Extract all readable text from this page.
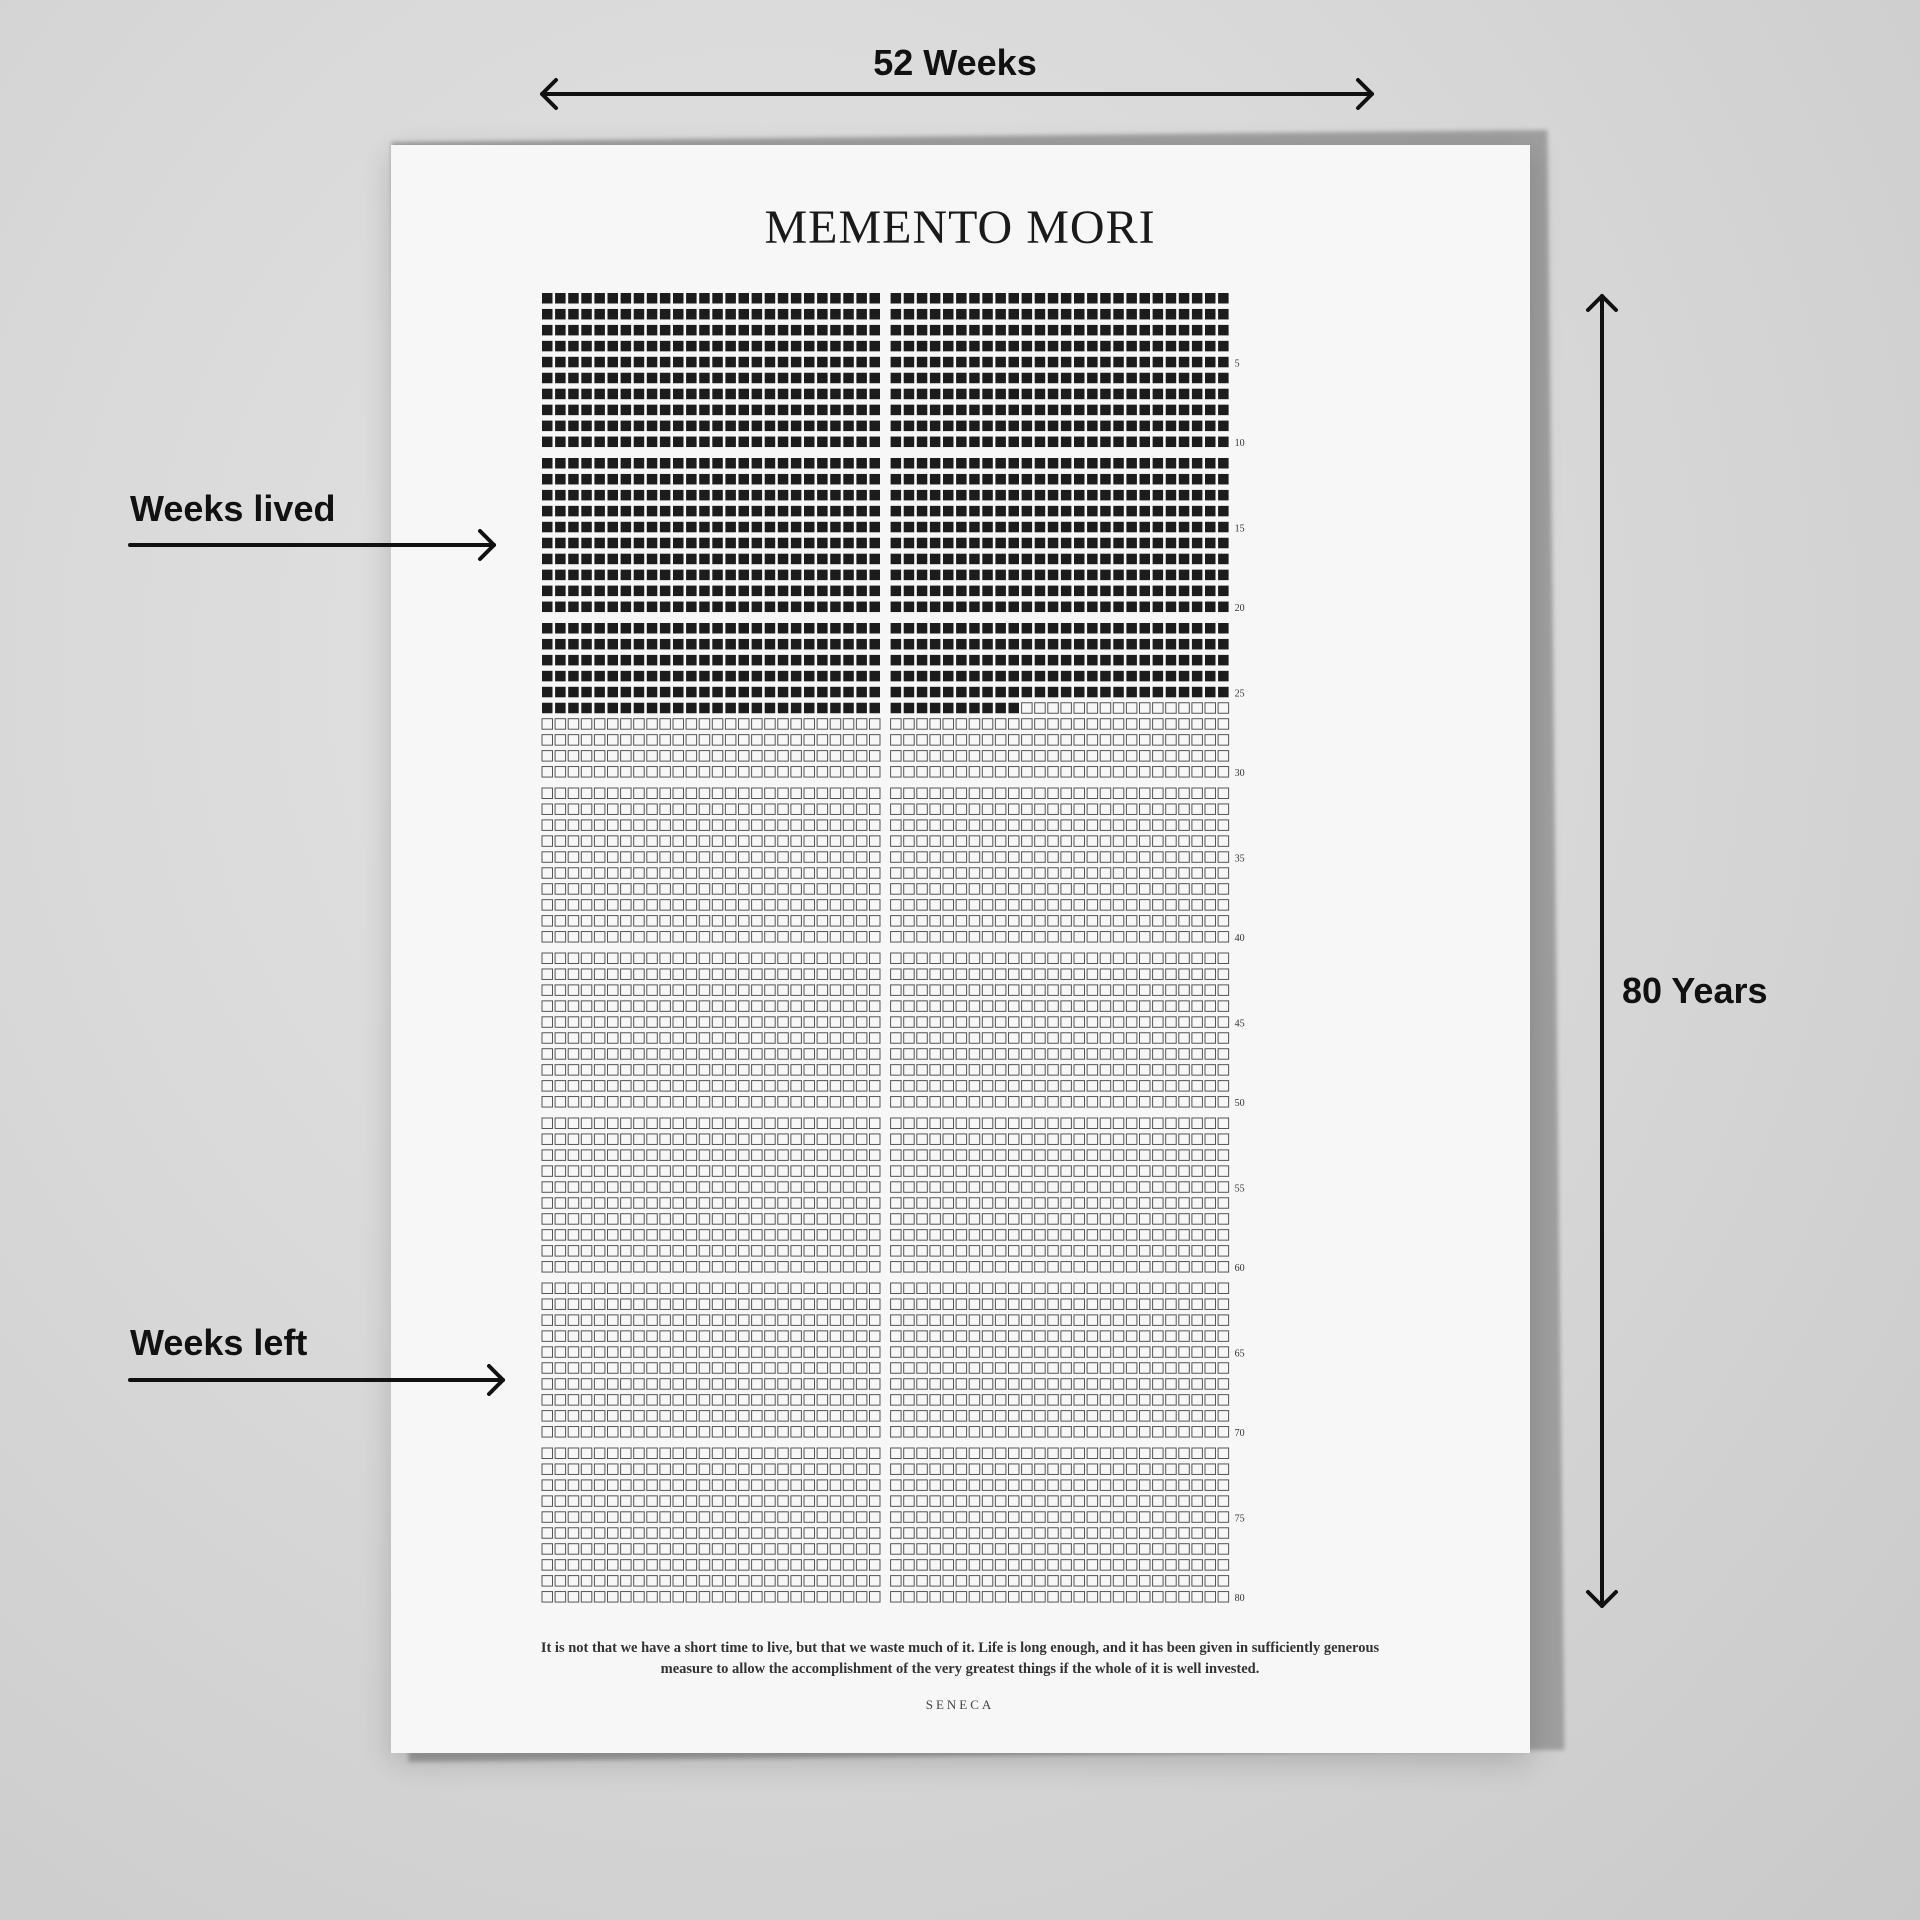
MEMENTO MORI
5
10
15
20
25
30
35
40
45
50
55
60
65
70
75
80
It is not that we have a short time to live, but that we waste much of it. Life is long enough, and it has been given in sufficiently generous measure to allow the accomplishment of the very greatest things if the whole of it is well invested.
SENECA
52 Weeks
80 Years
Weeks lived
Weeks left
